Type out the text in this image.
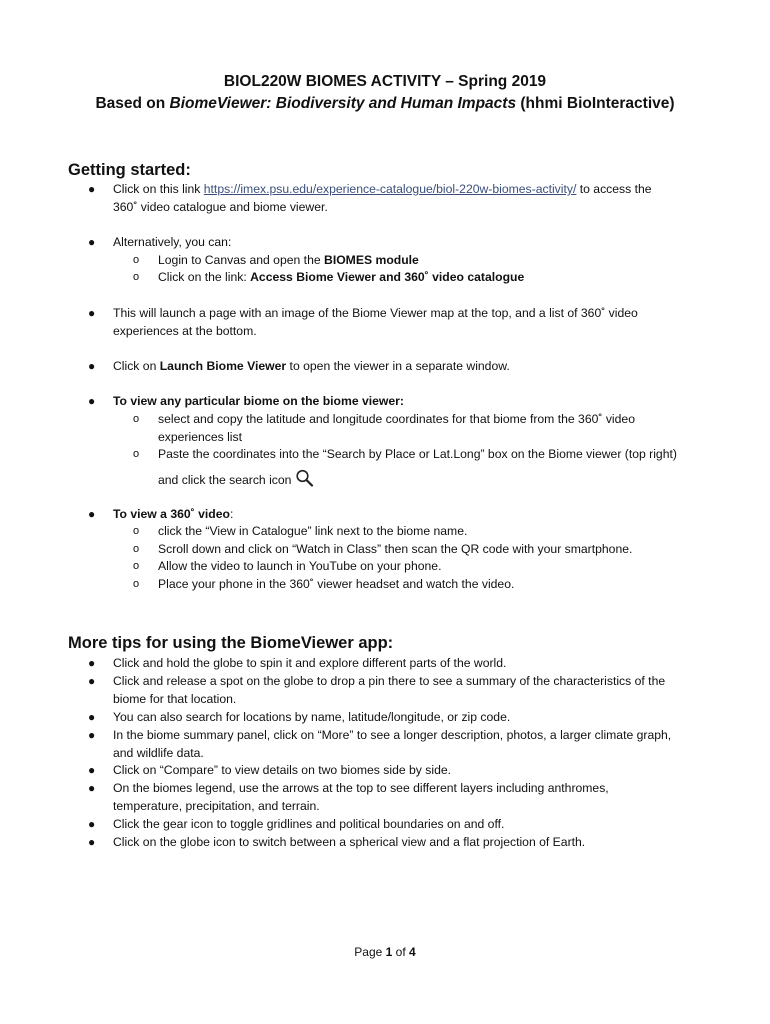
BIOL220W BIOMES ACTIVITY – Spring 2019
Based on BiomeViewer: Biodiversity and Human Impacts (hhmi BioInteractive)
Getting started:
●	Click on this link https://imex.psu.edu/experience-catalogue/biol-220w-biomes-activity/ to access the
360˚ video catalogue and biome viewer.
●	Alternatively, you can:
o Login to Canvas and open the BIOMES module
o Click on the link: Access Biome Viewer and 360˚ video catalogue
●	This will launch a page with an image of the Biome Viewer map at the top, and a list of 360˚ video
experiences at the bottom.
●	Click on Launch Biome Viewer to open the viewer in a separate window.
●	To view any particular biome on the biome viewer:
o select and copy the latitude and longitude coordinates for that biome from the 360˚ video
experiences list
o Paste the coordinates into the “Search by Place or Lat.Long” box on the Biome viewer (top right)
and click the search icon
●	To view a 360˚ video:
o click the “View in Catalogue” link next to the biome name.
o Scroll down and click on “Watch in Class” then scan the QR code with your smartphone.
o Allow the video to launch in YouTube on your phone.
o Place your phone in the 360˚ viewer headset and watch the video.
More tips for using the BiomeViewer app:
●	Click and hold the globe to spin it and explore different parts of the world.
●	Click and release a spot on the globe to drop a pin there to see a summary of the characteristics of the
biome for that location.
●	You can also search for locations by name, latitude/longitude, or zip code.
●	In the biome summary panel, click on “More” to see a longer description, photos, a larger climate graph,
and wildlife data.
●	Click on “Compare” to view details on two biomes side by side.
●	On the biomes legend, use the arrows at the top to see different layers including anthromes,
temperature, precipitation, and terrain.
●	Click the gear icon to toggle gridlines and political boundaries on and off.
●	Click on the globe icon to switch between a spherical view and a flat projection of Earth.
Page 1 of 4
